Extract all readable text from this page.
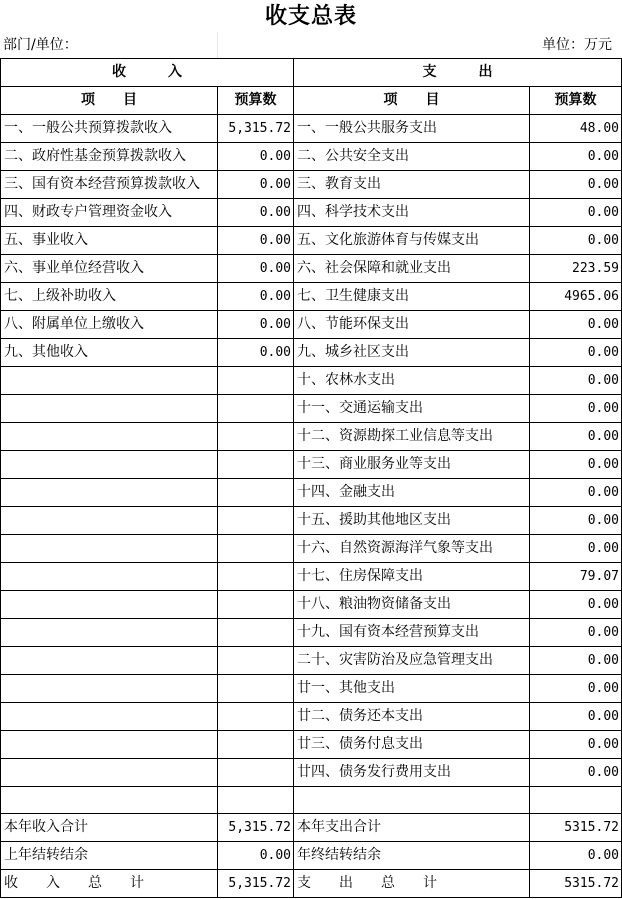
收支总表
部门/单位：	单位：万元
收　　　入		支　　　出	
项　　目	预算数	项　　目	预算数
一、一般公共预算拨款收入	5,315.72	一、一般公共服务支出	48.00
二、政府性基金预算拨款收入	0.00	二、公共安全支出	0.00
三、国有资本经营预算拨款收入	0.00	三、教育支出	0.00
四、财政专户管理资金收入	0.00	四、科学技术支出	0.00
五、事业收入	0.00	五、文化旅游体育与传媒支出	0.00
六、事业单位经营收入	0.00	六、社会保障和就业支出	223.59
七、上级补助收入	0.00	七、卫生健康支出	4965.06
八、附属单位上缴收入	0.00	八、节能环保支出	0.00
九、其他收入	0.00	九、城乡社区支出	0.00
		十、农林水支出	0.00
		十一、交通运输支出	0.00
		十二、资源勘探工业信息等支出	0.00
		十三、商业服务业等支出	0.00
		十四、金融支出	0.00
		十五、援助其他地区支出	0.00
		十六、自然资源海洋气象等支出	0.00
		十七、住房保障支出	79.07
		十八、粮油物资储备支出	0.00
		十九、国有资本经营预算支出	0.00
		二十、灾害防治及应急管理支出	0.00
		廿一、其他支出	0.00
		廿二、债务还本支出	0.00
		廿三、债务付息支出	0.00
		廿四、债务发行费用支出	0.00

本年收入合计	5,315.72	本年支出合计	5315.72
上年结转结余	0.00	年终结转结余	0.00
收　　入　　总　　计	5,315.72	支　　出　　总　　计	5315.72
